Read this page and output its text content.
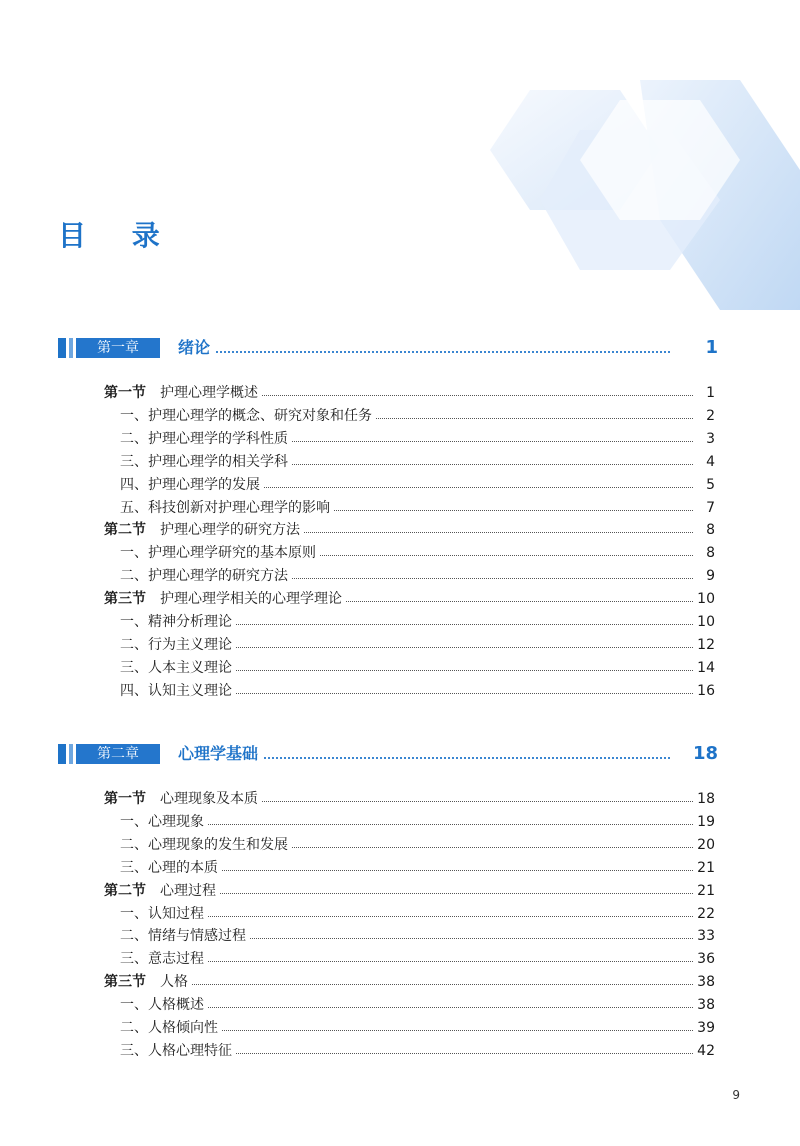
目 录
第一章	绪论	1
第一节 护理心理学概述	1
一、护理心理学的概念、研究对象和任务	2
二、护理心理学的学科性质	3
三、护理心理学的相关学科	4
四、护理心理学的发展	5
五、科技创新对护理心理学的影响	7
第二节 护理心理学的研究方法	8
一、护理心理学研究的基本原则	8
二、护理心理学的研究方法	9
第三节 护理心理学相关的心理学理论	10
一、精神分析理论	10
二、行为主义理论	12
三、人本主义理论	14
四、认知主义理论	16
第二章	心理学基础	18
第一节 心理现象及本质	18
一、心理现象	19
二、心理现象的发生和发展	20
三、心理的本质	21
第二节 心理过程	21
一、认知过程	22
二、情绪与情感过程	33
三、意志过程	36
第三节 人格	38
一、人格概述	38
二、人格倾向性	39
三、人格心理特征	42
9
